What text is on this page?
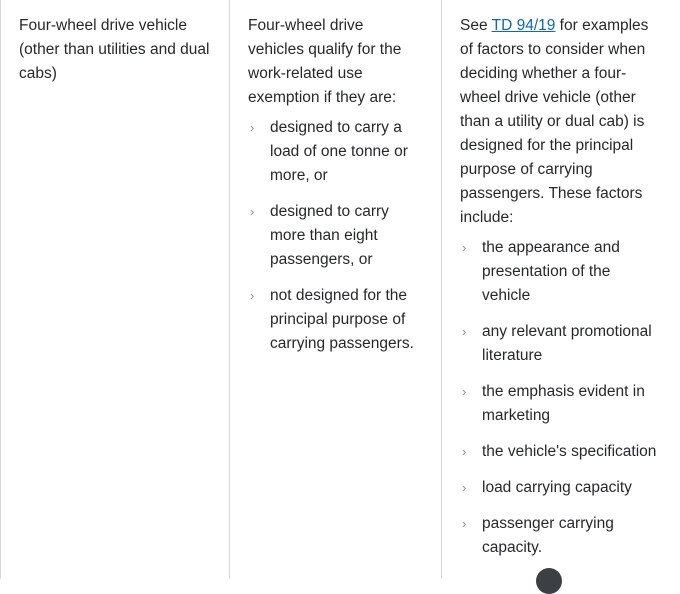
Four-wheel drive vehicle (other than utilities and dual cabs)

Four-wheel drive vehicles qualify for the work-related use exemption if they are:

› designed to carry a load of one tonne or more, or
› designed to carry more than eight passengers, or
› not designed for the principal purpose of carrying passengers.

See TD 94/19 for examples of factors to consider when deciding whether a four-wheel drive vehicle (other than a utility or dual cab) is designed for the principal purpose of carrying passengers. These factors include:

› the appearance and presentation of the vehicle
› any relevant promotional literature
› the emphasis evident in marketing
› the vehicle's specification
› load carrying capacity
› passenger carrying capacity.
